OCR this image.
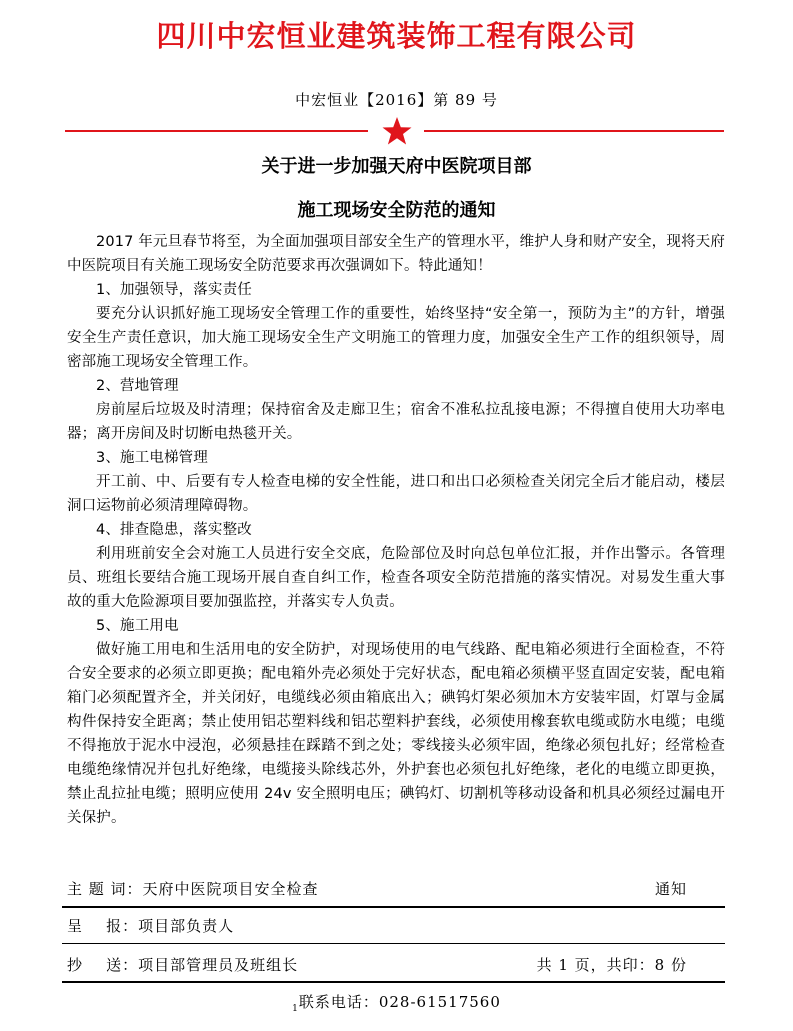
四川中宏恒业建筑装饰工程有限公司
中宏恒业【2016】第 89 号
关于进一步加强天府中医院项目部
施工现场安全防范的通知

2017 年元旦春节将至，为全面加强项目部安全生产的管理水平，维护人身和财产安全，现将天府中医院项目有关施工现场安全防范要求再次强调如下。特此通知！

1、加强领导，落实责任

要充分认识抓好施工现场安全管理工作的重要性，始终坚持“安全第一，预防为主”的方针，增强安全生产责任意识，加大施工现场安全生产文明施工的管理力度，加强安全生产工作的组织领导，周密部施工现场安全管理工作。

2、营地管理

房前屋后垃圾及时清理；保持宿舍及走廊卫生；宿舍不准私拉乱接电源；不得擅自使用大功率电器；离开房间及时切断电热毯开关。

3、施工电梯管理

开工前、中、后要有专人检查电梯的安全性能，进口和出口必须检查关闭完全后才能启动，楼层洞口运物前必须清理障碍物。

4、排查隐患，落实整改

利用班前安全会对施工人员进行安全交底，危险部位及时向总包单位汇报，并作出警示。各管理员、班组长要结合施工现场开展自查自纠工作，检查各项安全防范措施的落实情况。对易发生重大事故的重大危险源项目要加强监控，并落实专人负责。

5、施工用电

做好施工用电和生活用电的安全防护，对现场使用的电气线路、配电箱必须进行全面检查，不符合安全要求的必须立即更换；配电箱外壳必须处于完好状态，配电箱必须横平竖直固定安装，配电箱箱门必须配置齐全，并关闭好，电缆线必须由箱底出入；碘钨灯架必须加木方安装牢固，灯罩与金属构件保持安全距离；禁止使用铝芯塑料线和铝芯塑料护套线，必须使用橡套软电缆或防水电缆；电缆不得拖放于泥水中浸泡，必须悬挂在踩踏不到之处；零线接头必须牢固，绝缘必须包扎好；经常检查电缆绝缘情况并包扎好绝缘，电缆接头除线芯外，外护套也必须包扎好绝缘，老化的电缆立即更换，禁止乱拉扯电缆；照明应使用 24v 安全照明电压；碘钨灯、切割机等移动设备和机具必须经过漏电开关保护。

主 题 词：天府中医院项目安全检查	通知
呈    报：项目部负责人
抄    送：项目部管理员及班组长	共 1 页，共印：8 份
$_1$联系电话：028-61517560
